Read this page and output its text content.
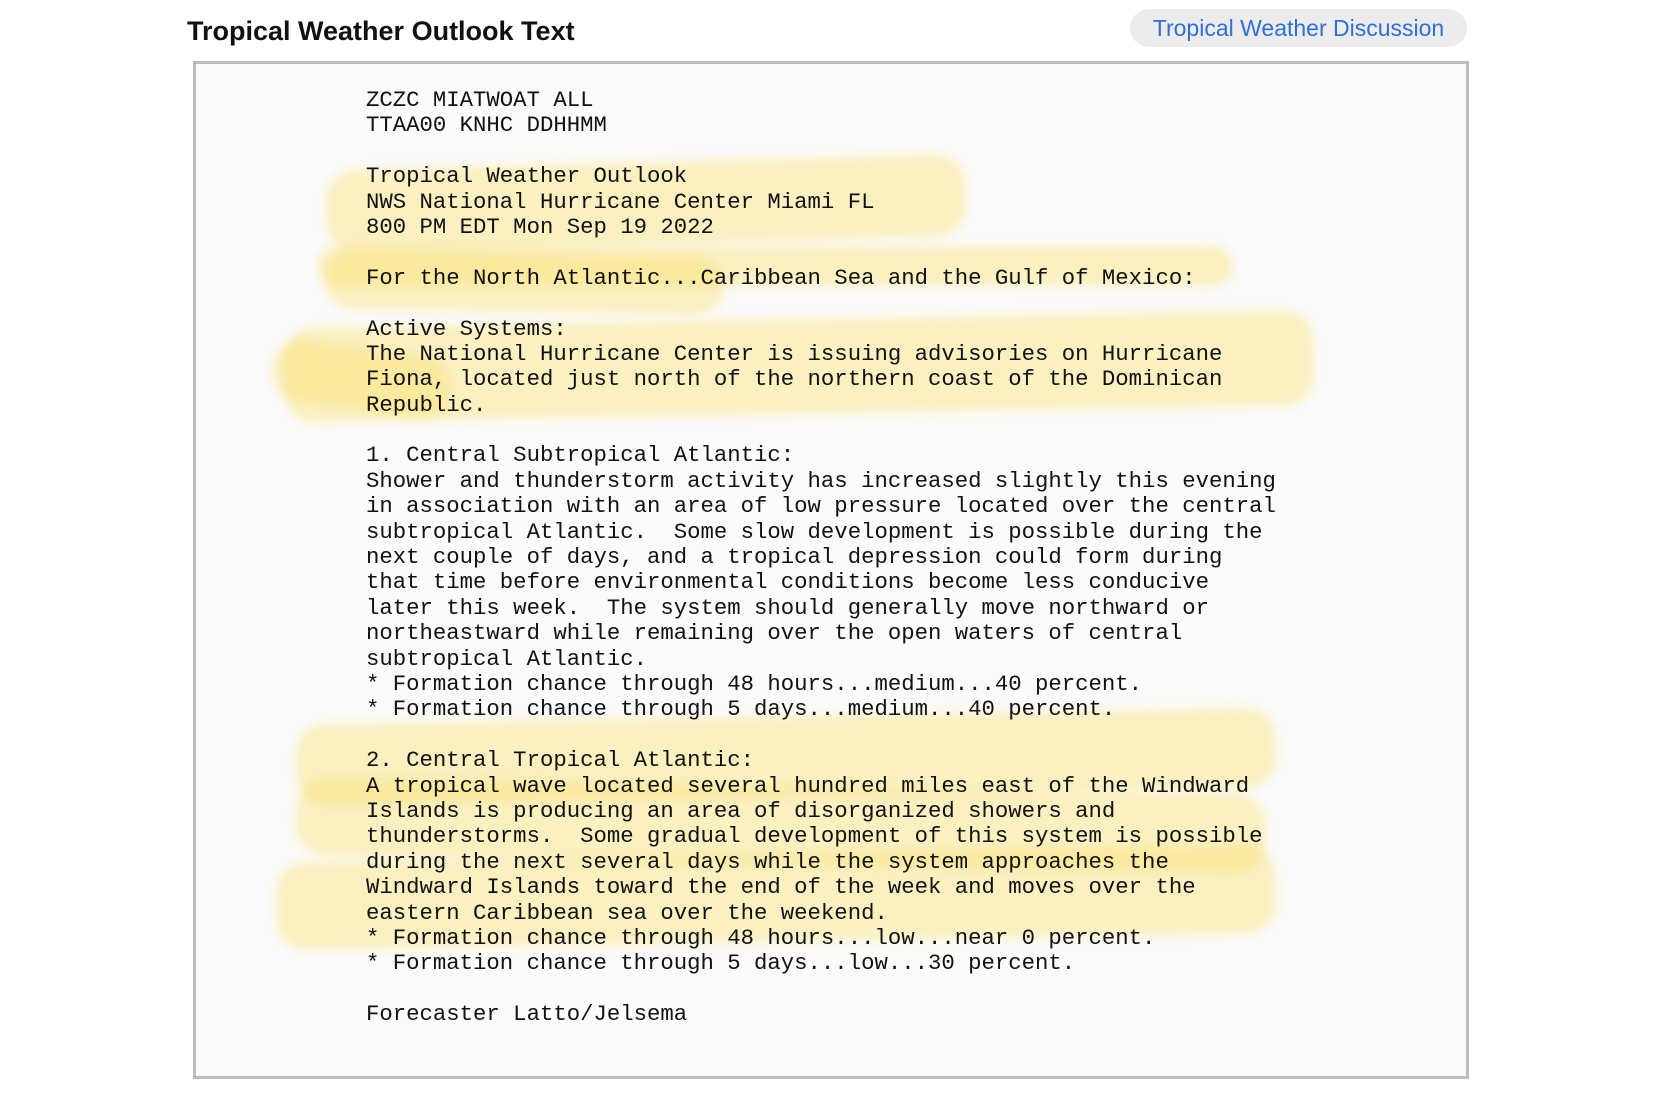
Tropical Weather Outlook Text	Tropical Weather Discussion
ZCZC MIATWOAT ALL
TTAA00 KNHC DDHHMM

Tropical Weather Outlook
NWS National Hurricane Center Miami FL
800 PM EDT Mon Sep 19 2022

For the North Atlantic...Caribbean Sea and the Gulf of Mexico:

Active Systems:
The National Hurricane Center is issuing advisories on Hurricane
Fiona, located just north of the northern coast of the Dominican
Republic.

1. Central Subtropical Atlantic:
Shower and thunderstorm activity has increased slightly this evening
in association with an area of low pressure located over the central
subtropical Atlantic.  Some slow development is possible during the
next couple of days, and a tropical depression could form during
that time before environmental conditions become less conducive
later this week.  The system should generally move northward or
northeastward while remaining over the open waters of central
subtropical Atlantic.
* Formation chance through 48 hours...medium...40 percent.
* Formation chance through 5 days...medium...40 percent.

2. Central Tropical Atlantic:
A tropical wave located several hundred miles east of the Windward
Islands is producing an area of disorganized showers and
thunderstorms.  Some gradual development of this system is possible
during the next several days while the system approaches the
Windward Islands toward the end of the week and moves over the
eastern Caribbean sea over the weekend.
* Formation chance through 48 hours...low...near 0 percent.
* Formation chance through 5 days...low...30 percent.

Forecaster Latto/Jelsema
